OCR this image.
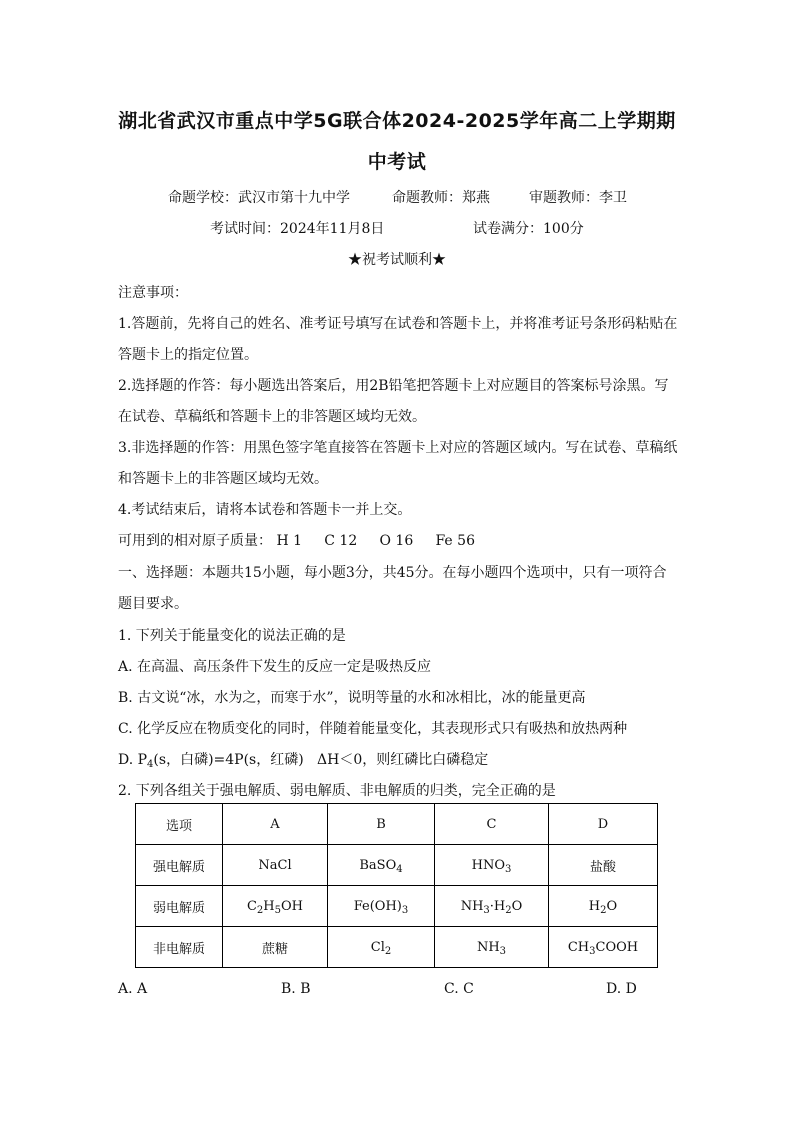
湖北省武汉市重点中学5G联合体2024-2025学年高二上学期期
中考试
命题学校：武汉市第十九中学	命题教师：郑燕	审题教师：李卫
考试时间：2024年11月8日	试卷满分：100分
★祝考试顺利★
注意事项：
1.答题前，先将自己的姓名、准考证号填写在试卷和答题卡上，并将准考证号条形码粘贴在
答题卡上的指定位置。
2.选择题的作答：每小题选出答案后，用2B铅笔把答题卡上对应题目的答案标号涂黑。写
在试卷、草稿纸和答题卡上的非答题区域均无效。
3.非选择题的作答：用黑色签字笔直接答在答题卡上对应的答题区域内。写在试卷、草稿纸
和答题卡上的非答题区域均无效。
4.考试结束后，请将本试卷和答题卡一并上交。
可用到的相对原子质量： H 1     C 12     O 16     Fe 56
一、选择题：本题共15小题，每小题3分，共45分。在每小题四个选项中，只有一项符合
题目要求。
1. 下列关于能量变化的说法正确的是
A. 在高温、高压条件下发生的反应一定是吸热反应
B. 古文说“冰，水为之，而寒于水”，说明等量的水和冰相比，冰的能量更高
C. 化学反应在物质变化的同时，伴随着能量变化，其表现形式只有吸热和放热两种
D. $P_4(s$，白磷)=4P(s，红磷)   ΔH＜0，则红磷比白磷稳定
2. 下列各组关于强电解质、弱电解质、非电解质的归类，完全正确的是
选项	A	B	C	D
强电解质	NaCl	BaSO$_4$	$HNO_3$	盐酸
弱电解质	$C_2H_5OH$	$Fe(OH)_3$	$NH_3\cdot H_2O$	$H_2O$
非电解质	蔗糖	$Cl_2$	$NH_3$	$CH_3COOH$
A. A	B. B	C. C	D. D
